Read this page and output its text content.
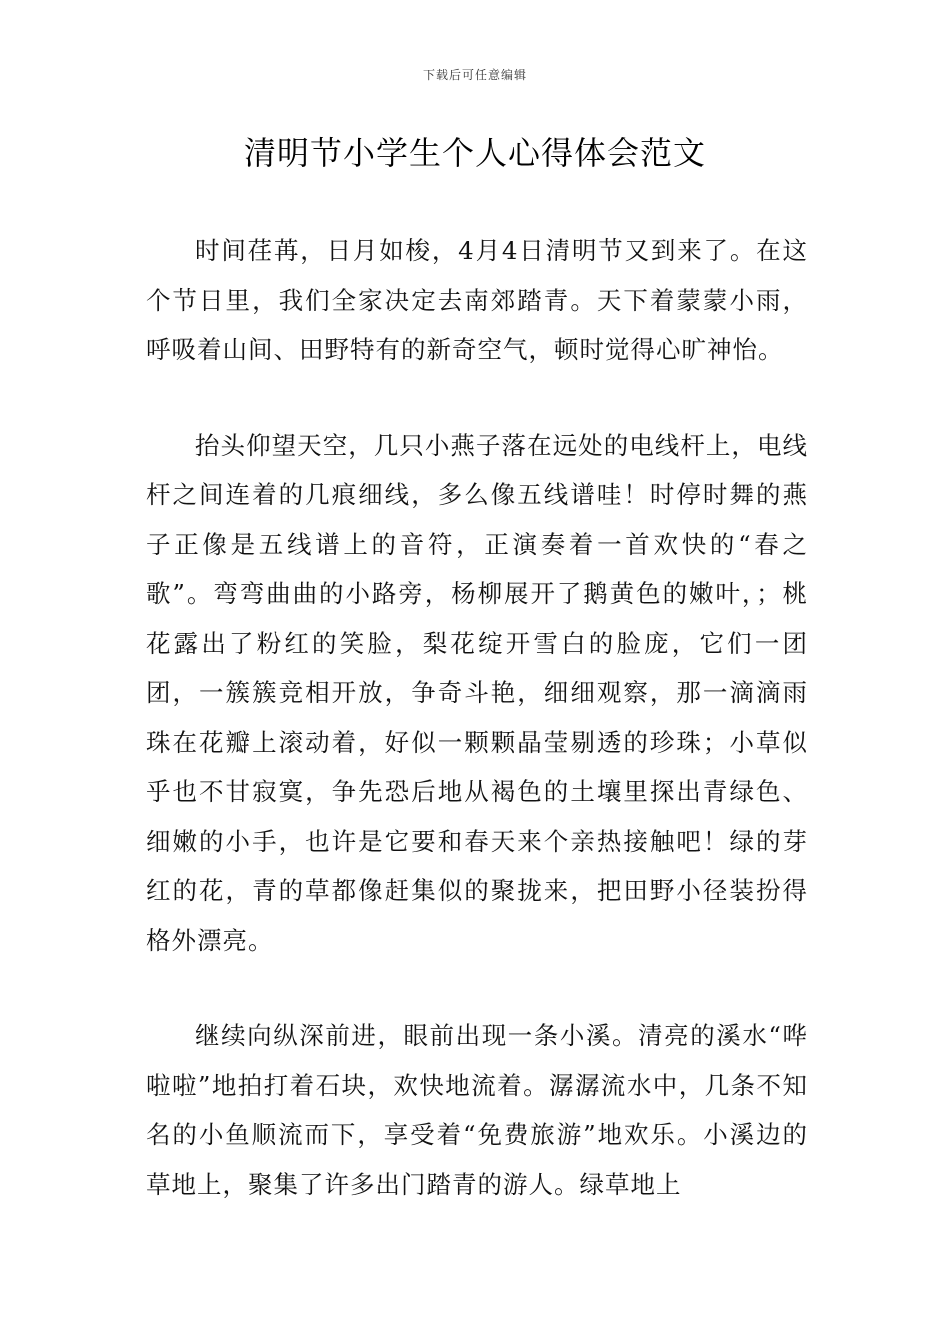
下载后可任意编辑
清明节小学生个人心得体会范文

时间荏苒，日月如梭，4月4日清明节又到来了。在这个节日里，我们全家决定去南郊踏青。天下着蒙蒙小雨，呼吸着山间、田野特有的新奇空气，顿时觉得心旷神怡。

抬头仰望天空，几只小燕子落在远处的电线杆上，电线杆之间连着的几痕细线，多么像五线谱哇！时停时舞的燕子正像是五线谱上的音符，正演奏着一首欢快的“春之歌”。弯弯曲曲的小路旁，杨柳展开了鹅黄色的嫩叶，；桃花露出了粉红的笑脸，梨花绽开雪白的脸庞，它们一团团，一簇簇竞相开放，争奇斗艳，细细观察，那一滴滴雨珠在花瓣上滚动着，好似一颗颗晶莹剔透的珍珠；小草似乎也不甘寂寞，争先恐后地从褐色的土壤里探出青绿色、细嫩的小手，也许是它要和春天来个亲热接触吧！绿的芽红的花，青的草都像赶集似的聚拢来，把田野小径装扮得格外漂亮。

继续向纵深前进，眼前出现一条小溪。清亮的溪水“哗啦啦”地拍打着石块，欢快地流着。潺潺流水中，几条不知名的小鱼顺流而下，享受着“免费旅游”地欢乐。小溪边的草地上，聚集了许多出门踏青的游人。绿草地上
